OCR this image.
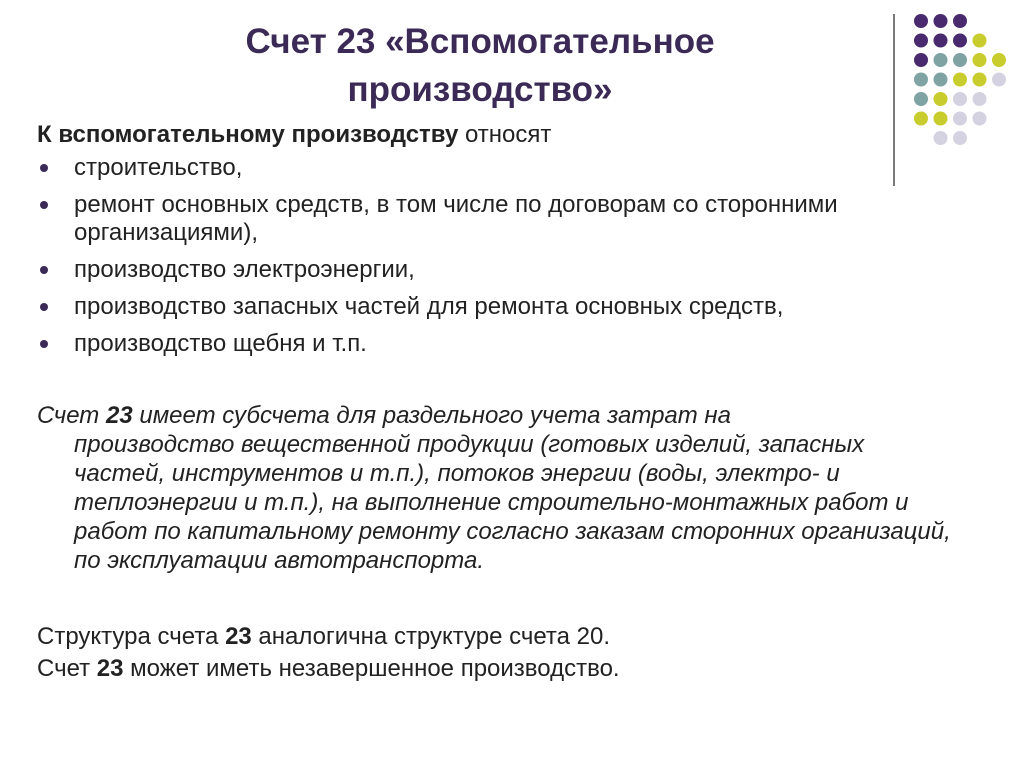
Счет 23 «Вспомогательное
производство»

К вспомогательному производству относят

строительство,
ремонт основных средств, в том числе по договорам со сторонними организациями),
производство электроэнергии,
производство запасных частей для ремонта основных средств,
производство щебня и т.п.
Счет 23 имеет субсчета для раздельного учета затрат на
производство вещественной продукции (готовых изделий, запасных частей, инструментов и т.п.), потоков энергии (воды, электро- и теплоэнергии и т.п.), на выполнение строительно-монтажных работ и работ по капитальному ремонту согласно заказам сторонних организаций, по эксплуатации автотранспорта.

Структура счета 23 аналогична структуре счета 20.

Счет 23 может иметь незавершенное производство.
